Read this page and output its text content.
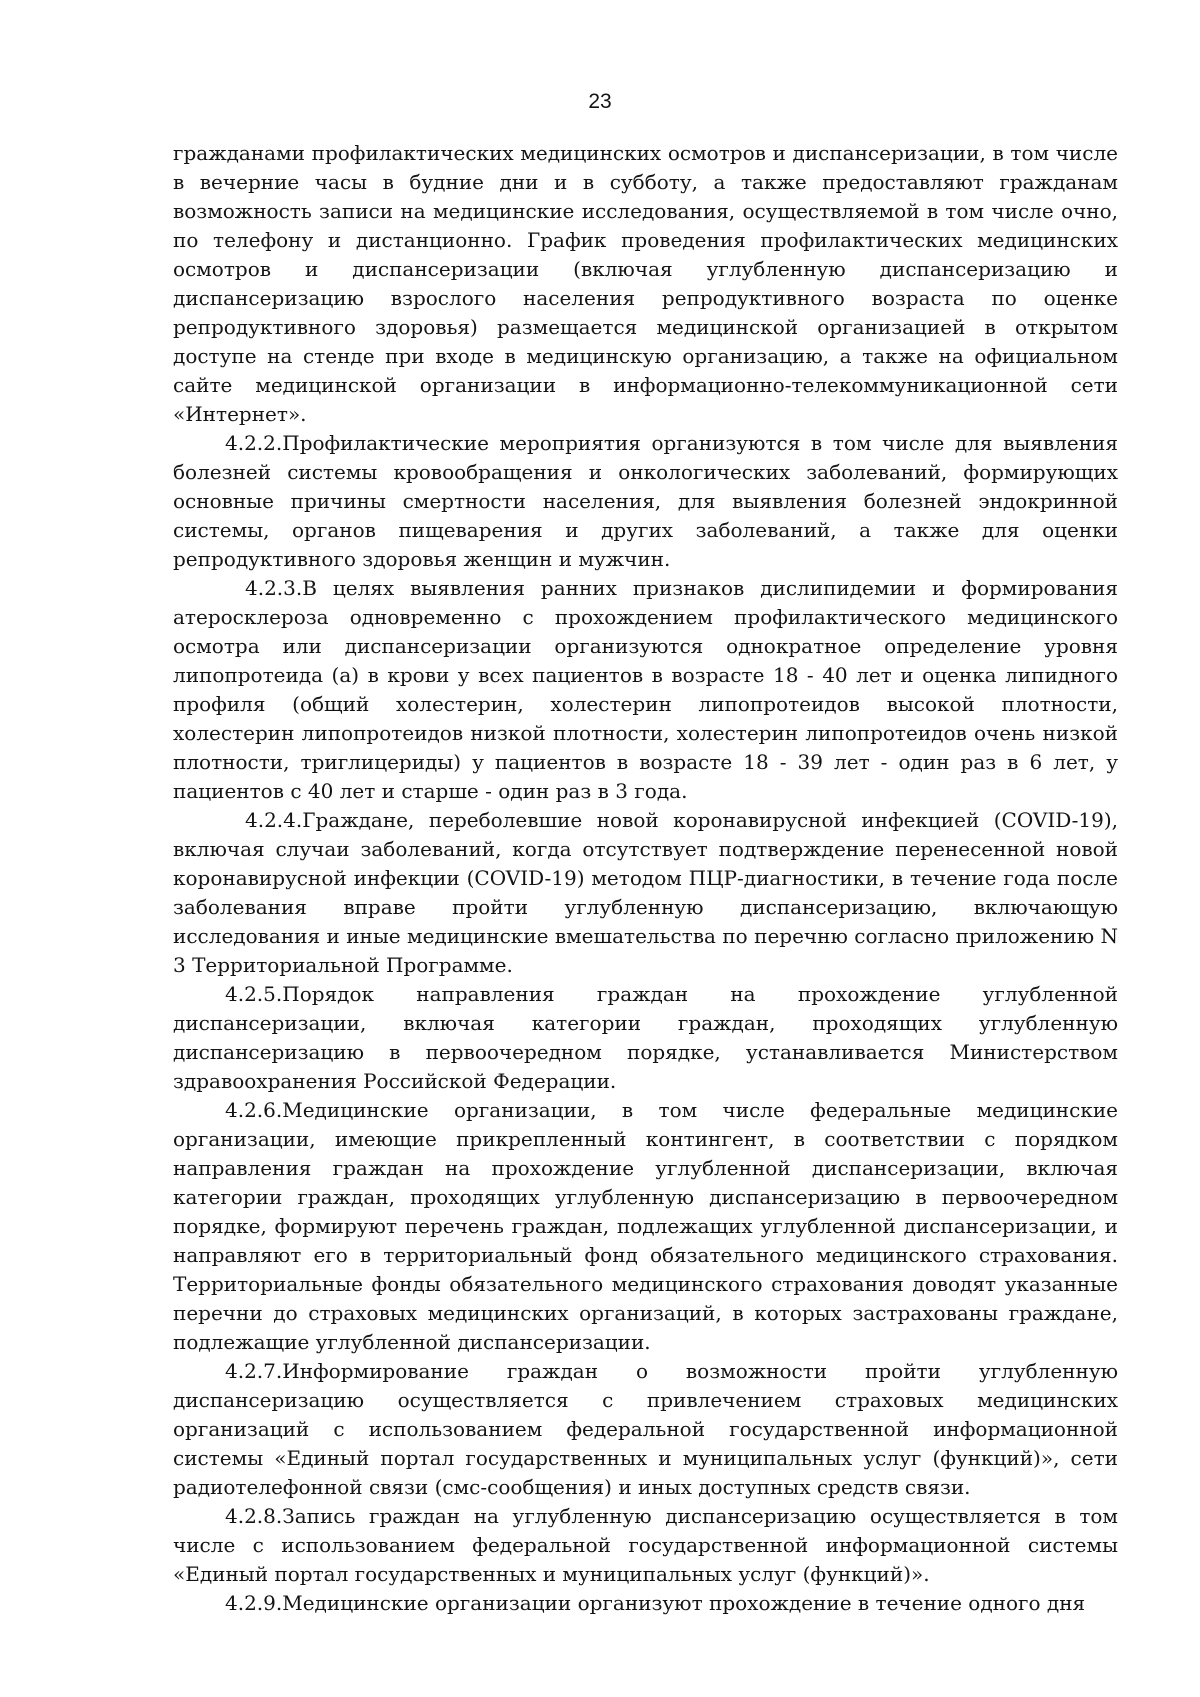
23

гражданами профилактических медицинских осмотров и диспансеризации, в том числе в вечерние часы в будние дни и в субботу, а также предоставляют гражданам возможность записи на медицинские исследования, осуществляемой в том числе очно, по телефону и дистанционно. График проведения профилактических медицинских осмотров и диспансеризации (включая углубленную диспансеризацию и диспансеризацию взрослого населения репродуктивного возраста по оценке репродуктивного здоровья) размещается медицинской организацией в открытом доступе на стенде при входе в медицинскую организацию, а также на официальном сайте медицинской организации в информационно-телекоммуникационной сети «Интернет».

4.2.2.Профилактические мероприятия организуются в том числе для выявления болезней системы кровообращения и онкологических заболеваний, формирующих основные причины смертности населения, для выявления болезней эндокринной системы, органов пищеварения и других заболеваний, а также для оценки репродуктивного здоровья женщин и мужчин.

4.2.3.В целях выявления ранних признаков дислипидемии и формирования атеросклероза одновременно с прохождением профилактического медицинского осмотра или диспансеризации организуются однократное определение уровня липопротеида (а) в крови у всех пациентов в возрасте 18 - 40 лет и оценка липидного профиля (общий холестерин, холестерин липопротеидов высокой плотности, холестерин липопротеидов низкой плотности, холестерин липопротеидов очень низкой плотности, триглицериды) у пациентов в возрасте 18 - 39 лет - один раз в 6 лет, у пациентов с 40 лет и старше - один раз в 3 года.

4.2.4.Граждане, переболевшие новой коронавирусной инфекцией (COVID-19), включая случаи заболеваний, когда отсутствует подтверждение перенесенной новой коронавирусной инфекции (COVID-19) методом ПЦР-диагностики, в течение года после заболевания вправе пройти углубленную диспансеризацию, включающую исследования и иные медицинские вмешательства по перечню согласно приложению N 3 Территориальной Программе.

4.2.5.Порядок направления граждан на прохождение углубленной диспансеризации, включая категории граждан, проходящих углубленную диспансеризацию в первоочередном порядке, устанавливается Министерством здравоохранения Российской Федерации.

4.2.6.Медицинские организации, в том числе федеральные медицинские организации, имеющие прикрепленный контингент, в соответствии с порядком направления граждан на прохождение углубленной диспансеризации, включая категории граждан, проходящих углубленную диспансеризацию в первоочередном порядке, формируют перечень граждан, подлежащих углубленной диспансеризации, и направляют его в территориальный фонд обязательного медицинского страхования. Территориальные фонды обязательного медицинского страхования доводят указанные перечни до страховых медицинских организаций, в которых застрахованы граждане, подлежащие углубленной диспансеризации.

4.2.7.Информирование граждан о возможности пройти углубленную диспансеризацию осуществляется с привлечением страховых медицинских организаций с использованием федеральной государственной информационной системы «Единый портал государственных и муниципальных услуг (функций)», сети радиотелефонной связи (смс-сообщения) и иных доступных средств связи.

4.2.8.Запись граждан на углубленную диспансеризацию осуществляется в том числе с использованием федеральной государственной информационной системы «Единый портал государственных и муниципальных услуг (функций)».

4.2.9.Медицинские организации организуют прохождение в течение одного дня
